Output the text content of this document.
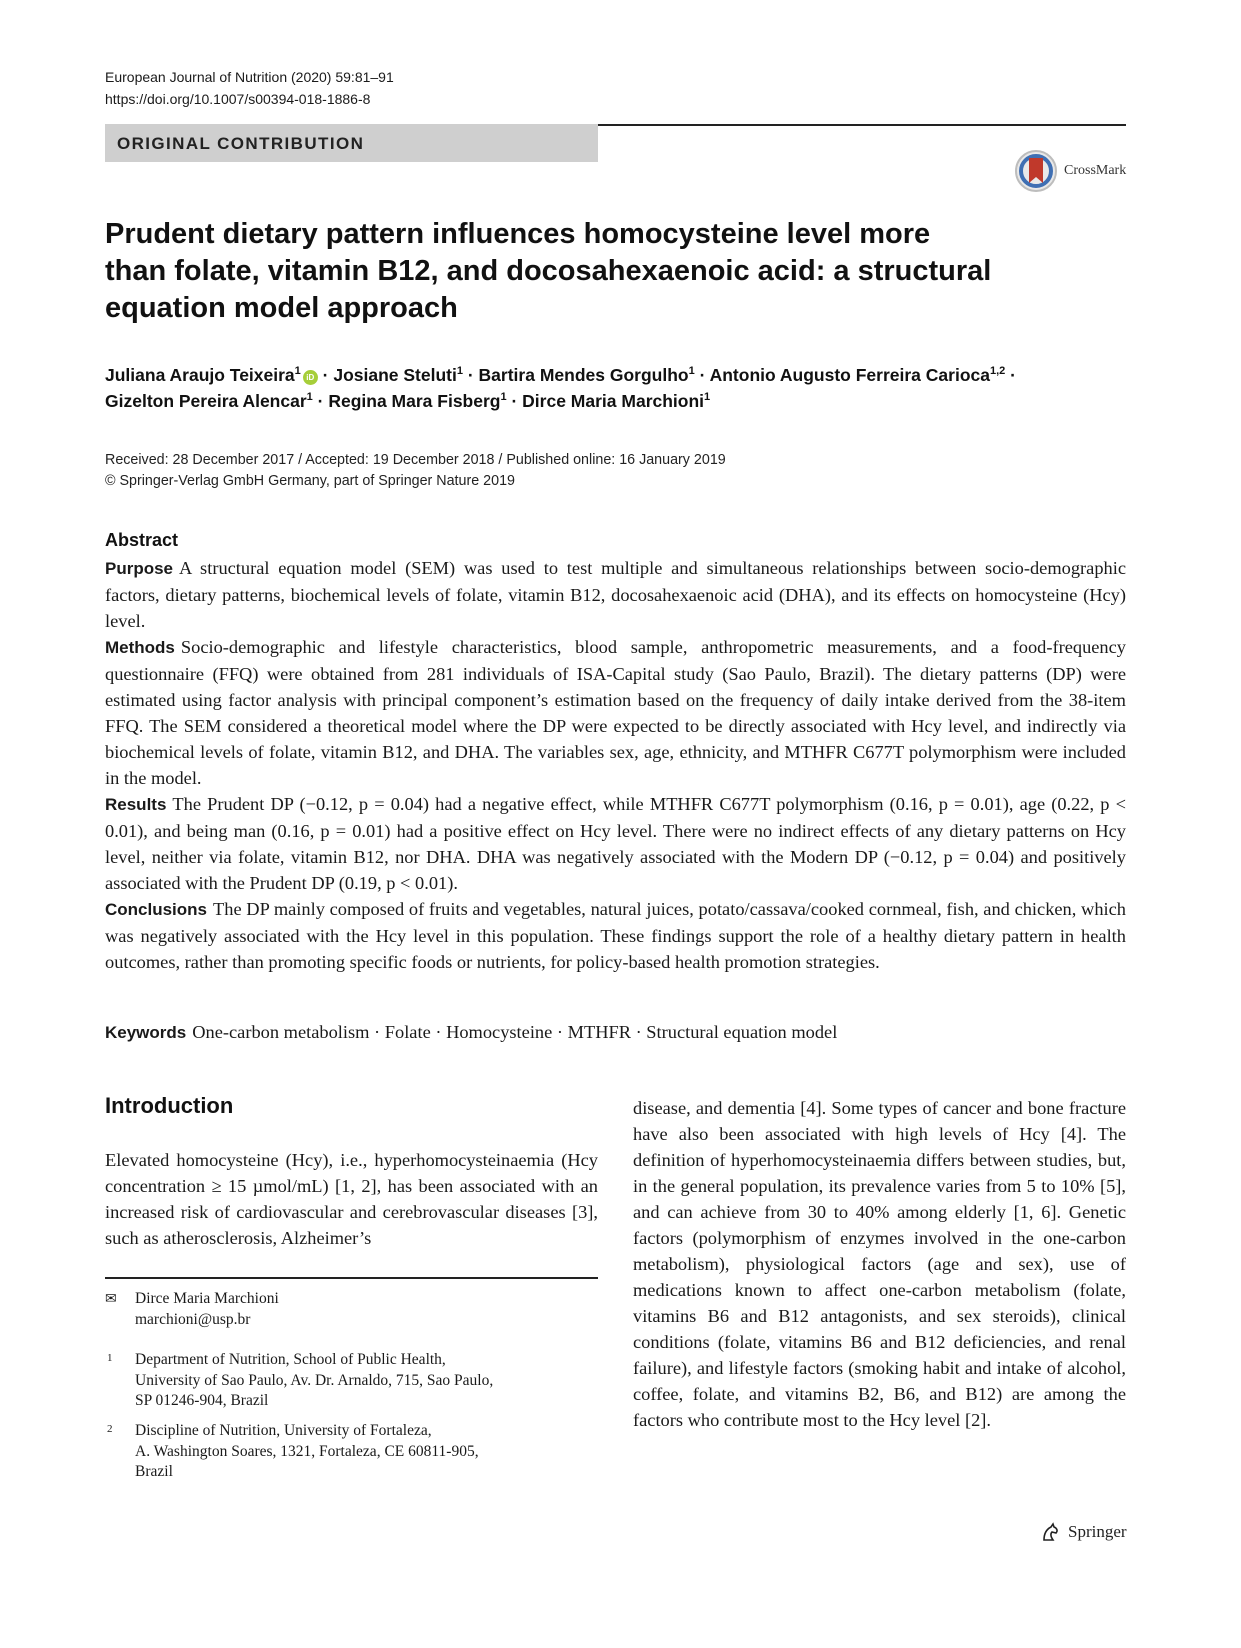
European Journal of Nutrition (2020) 59:81–91
https://doi.org/10.1007/s00394-018-1886-8
ORIGINAL CONTRIBUTION
CrossMark
Prudent dietary pattern influences homocysteine level more
than folate, vitamin B12, and docosahexaenoic acid: a structural
equation model approach
Juliana Araujo Teixeira$^1$iD · Josiane Steluti$^1$ · Bartira Mendes Gorgulho$^1$ · Antonio Augusto Ferreira Carioca$^{1,2}$ ·
Gizelton Pereira Alencar$^1$ · Regina Mara Fisberg$^1$ · Dirce Maria Marchioni$^1$
Received: 28 December 2017 / Accepted: 19 December 2018 / Published online: 16 January 2019
© Springer-Verlag GmbH Germany, part of Springer Nature 2019
Abstract

Purpose A structural equation model (SEM) was used to test multiple and simultaneous relationships between socio-demographic factors, dietary patterns, biochemical levels of folate, vitamin B12, docosahexaenoic acid (DHA), and its effects on homocysteine (Hcy) level.

Methods Socio-demographic and lifestyle characteristics, blood sample, anthropometric measurements, and a food-frequency questionnaire (FFQ) were obtained from 281 individuals of ISA-Capital study (Sao Paulo, Brazil). The dietary patterns (DP) were estimated using factor analysis with principal component’s estimation based on the frequency of daily intake derived from the 38-item FFQ. The SEM considered a theoretical model where the DP were expected to be directly associated with Hcy level, and indirectly via biochemical levels of folate, vitamin B12, and DHA. The variables sex, age, ethnicity, and MTHFR C677T polymorphism were included in the model.

Results The Prudent DP (−0.12, p = 0.04) had a negative effect, while MTHFR C677T polymorphism (0.16, p = 0.01), age (0.22, p < 0.01), and being man (0.16, p = 0.01) had a positive effect on Hcy level. There were no indirect effects of any dietary patterns on Hcy level, neither via folate, vitamin B12, nor DHA. DHA was negatively associated with the Modern DP (−0.12, p = 0.04) and positively associated with the Prudent DP (0.19, p < 0.01).

Conclusions The DP mainly composed of fruits and vegetables, natural juices, potato/cassava/cooked cornmeal, fish, and chicken, which was negatively associated with the Hcy level in this population. These findings support the role of a healthy dietary pattern in health outcomes, rather than promoting specific foods or nutrients, for policy-based health promotion strategies.

Keywords One-carbon metabolism · Folate · Homocysteine · MTHFR · Structural equation model
Introduction

Elevated homocysteine (Hcy), i.e., hyperhomocysteinaemia (Hcy concentration ≥ 15 µmol/mL) [1, 2], has been associated with an increased risk of cardiovascular and cerebrovascular diseases [3], such as atherosclerosis, Alzheimer’s

disease, and dementia [4]. Some types of cancer and bone fracture have also been associated with high levels of Hcy [4]. The definition of hyperhomocysteinaemia differs between studies, but, in the general population, its prevalence varies from 5 to 10% [5], and can achieve from 30 to 40% among elderly [1, 6]. Genetic factors (polymorphism of enzymes involved in the one-carbon metabolism), physiological factors (age and sex), use of medications known to affect one-carbon metabolism (folate, vitamins B6 and B12 antagonists, and sex steroids), clinical conditions (folate, vitamins B6 and B12 deficiencies, and renal failure), and lifestyle factors (smoking habit and intake of alcohol, coffee, folate, and vitamins B2, B6, and B12) are among the factors who contribute most to the Hcy level [2].

✉	Dirce Maria Marchioni
marchioni@usp.br
1 Department of Nutrition, School of Public Health,
University of Sao Paulo, Av. Dr. Arnaldo, 715, Sao Paulo,
SP 01246-904, Brazil
2 Discipline of Nutrition, University of Fortaleza,
A. Washington Soares, 1321, Fortaleza, CE 60811-905,
Brazil
Springer
